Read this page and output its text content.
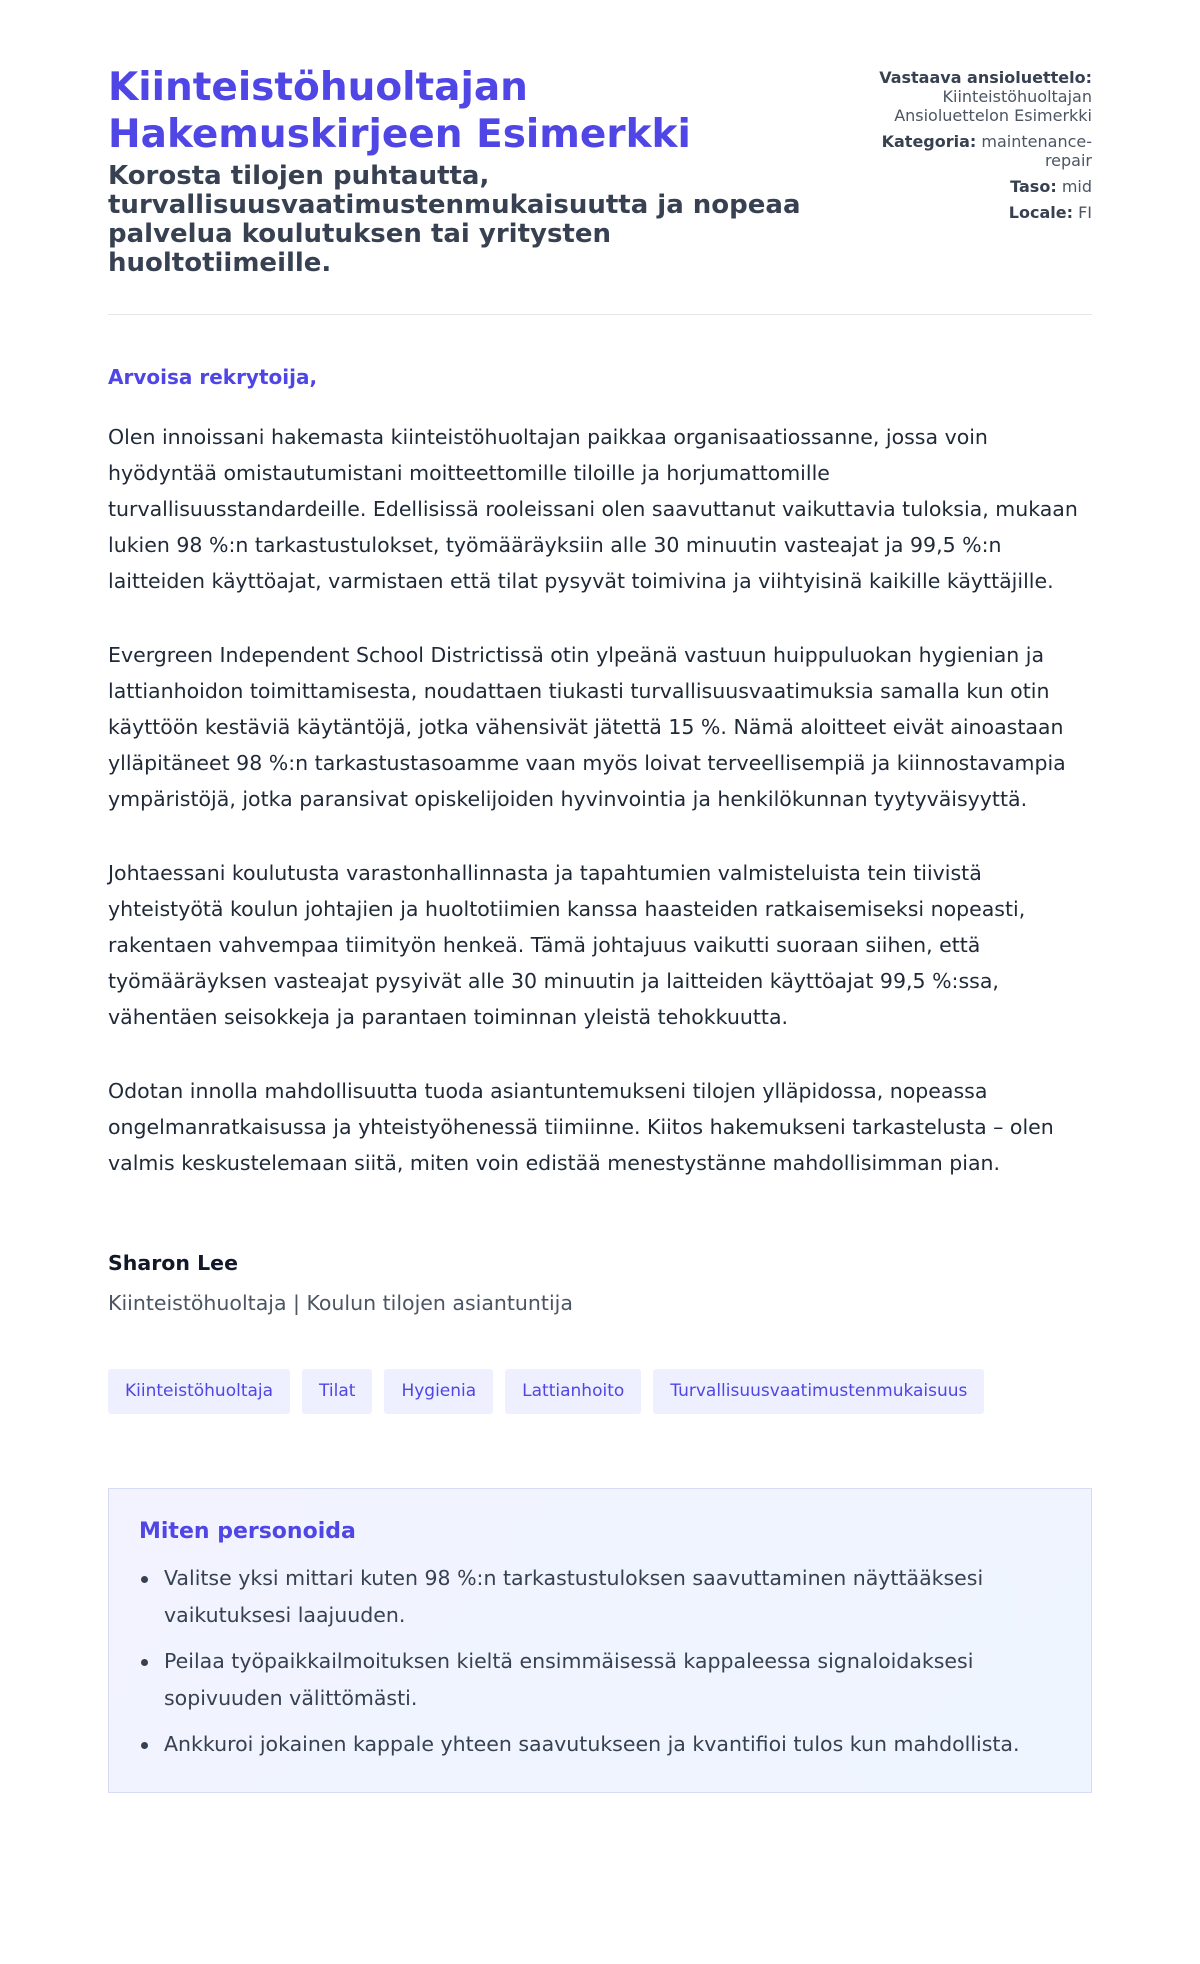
Kiinteistöhuoltajan Hakemuskirjeen Esimerkki
Korosta tilojen puhtautta, turvallisuusvaatimustenmukaisuutta ja nopeaa palvelua koulutuksen tai yritysten huoltotiimeille.
Vastaava ansioluettelo:
Kiinteistöhuoltajan Ansioluettelon Esimerkki
Kategoria: maintenance-repair
Taso: mid
Locale: FI
Arvoisa rekrytoija,

Olen innoissani hakemasta kiinteistöhuoltajan paikkaa organisaatiossanne, jossa voin hyödyntää omistautumistani moitteettomille tiloille ja horjumattomille turvallisuusstandardeille. Edellisissä rooleissani olen saavuttanut vaikuttavia tuloksia, mukaan lukien 98 %:n tarkastustulokset, työmääräyksiin alle 30 minuutin vasteajat ja 99,5 %:n laitteiden käyttöajat, varmistaen että tilat pysyvät toimivina ja viihtyisinä kaikille käyttäjille.

Evergreen Independent School Districtissä otin ylpeänä vastuun huippuluokan hygienian ja lattianhoidon toimittamisesta, noudattaen tiukasti turvallisuusvaatimuksia samalla kun otin käyttöön kestäviä käytäntöjä, jotka vähensivät jätettä 15 %. Nämä aloitteet eivät ainoastaan ylläpitäneet 98 %:n tarkastustasoamme vaan myös loivat terveellisempiä ja kiinnostavampia ympäristöjä, jotka paransivat opiskelijoiden hyvinvointia ja henkilökunnan tyytyväisyyttä.

Johtaessani koulutusta varastonhallinnasta ja tapahtumien valmisteluista tein tiivistä yhteistyötä koulun johtajien ja huoltotiimien kanssa haasteiden ratkaisemiseksi nopeasti, rakentaen vahvempaa tiimityön henkeä. Tämä johtajuus vaikutti suoraan siihen, että työmääräyksen vasteajat pysyivät alle 30 minuutin ja laitteiden käyttöajat 99,5 %:ssa, vähentäen seisokkeja ja parantaen toiminnan yleistä tehokkuutta.

Odotan innolla mahdollisuutta tuoda asiantuntemukseni tilojen ylläpidossa, nopeassa ongelmanratkaisussa ja yhteistyöhenessä tiimiinne. Kiitos hakemukseni tarkastelusta – olen valmis keskustelemaan siitä, miten voin edistää menestystänne mahdollisimman pian.

Sharon Lee
Kiinteistöhuoltaja | Koulun tilojen asiantuntija
Kiinteistöhuoltaja	Tilat	Hygienia	Lattianhoito	Turvallisuusvaatimustenmukaisuus
Miten personoida
Valitse yksi mittari kuten 98 %:n tarkastustuloksen saavuttaminen näyttääksesi vaikutuksesi laajuuden.
Peilaa työpaikkailmoituksen kieltä ensimmäisessä kappaleessa signaloidaksesi sopivuuden välittömästi.
Ankkuroi jokainen kappale yhteen saavutukseen ja kvantifioi tulos kun mahdollista.
